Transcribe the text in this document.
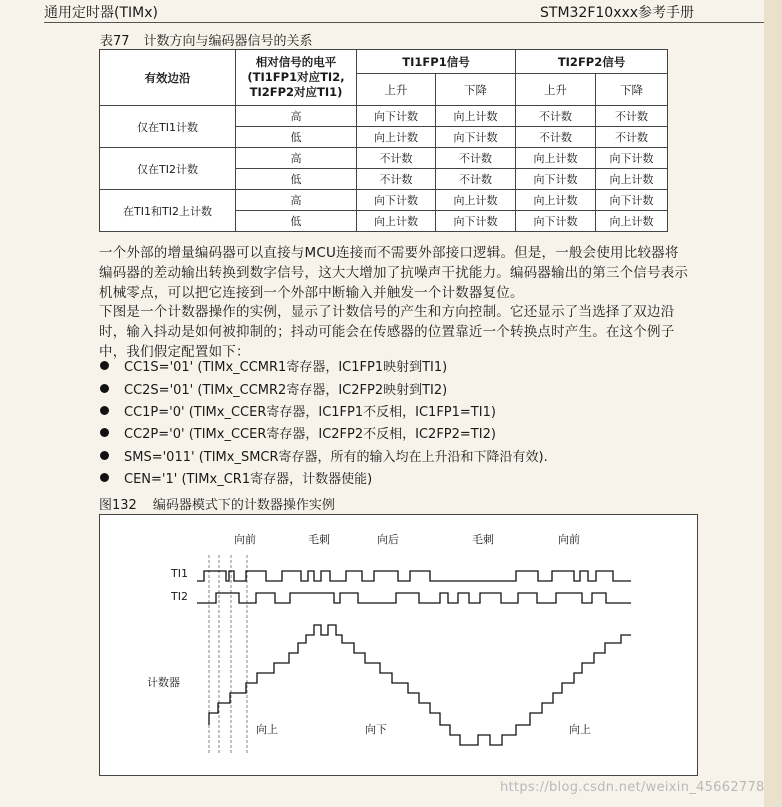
通用定时器(TIMx)	STM32F10xxx参考手册
表77 计数方向与编码器信号的关系
有效边沿	相对信号的电平
(TI1FP1对应TI2, TI2FP2对应TI1)	TI1FP1信号		TI2FP2信号	
		上升	下降	上升	下降
仅在TI1计数	高	向下计数	向上计数	不计数	不计数
	低	向上计数	向下计数	不计数	不计数
仅在TI2计数	高	不计数	不计数	向上计数	向下计数
	低	不计数	不计数	向下计数	向上计数
在TI1和TI2上计数	高	向下计数	向上计数	向上计数	向下计数
	低	向上计数	向下计数	向下计数	向上计数
一个外部的增量编码器可以直接与MCU连接而不需要外部接口逻辑。但是，一般会使用比较器将编码器的差动输出转换到数字信号，这大大增加了抗噪声干扰能力。编码器输出的第三个信号表示机械零点，可以把它连接到一个外部中断输入并触发一个计数器复位。
下图是一个计数器操作的实例，显示了计数信号的产生和方向控制。它还显示了当选择了双边沿时，输入抖动是如何被抑制的；抖动可能会在传感器的位置靠近一个转换点时产生。在这个例子中，我们假定配置如下：
CC1S='01' (TIMx_CCMR1寄存器，IC1FP1映射到TI1)
CC2S='01' (TIMx_CCMR2寄存器，IC2FP2映射到TI2)
CC1P='0' (TIMx_CCER寄存器，IC1FP1不反相，IC1FP1=TI1)
CC2P='0' (TIMx_CCER寄存器，IC2FP2不反相，IC2FP2=TI2)
SMS='011' (TIMx_SMCR寄存器，所有的输入均在上升沿和下降沿有效).
CEN='1' (TIMx_CR1寄存器，计数器使能)
图132 编码器模式下的计数器操作实例
向前	毛刺	向后	毛刺	向前
TI1
TI2
计数器
向上	向下	向上
https://blog.csdn.net/weixin_45662778
